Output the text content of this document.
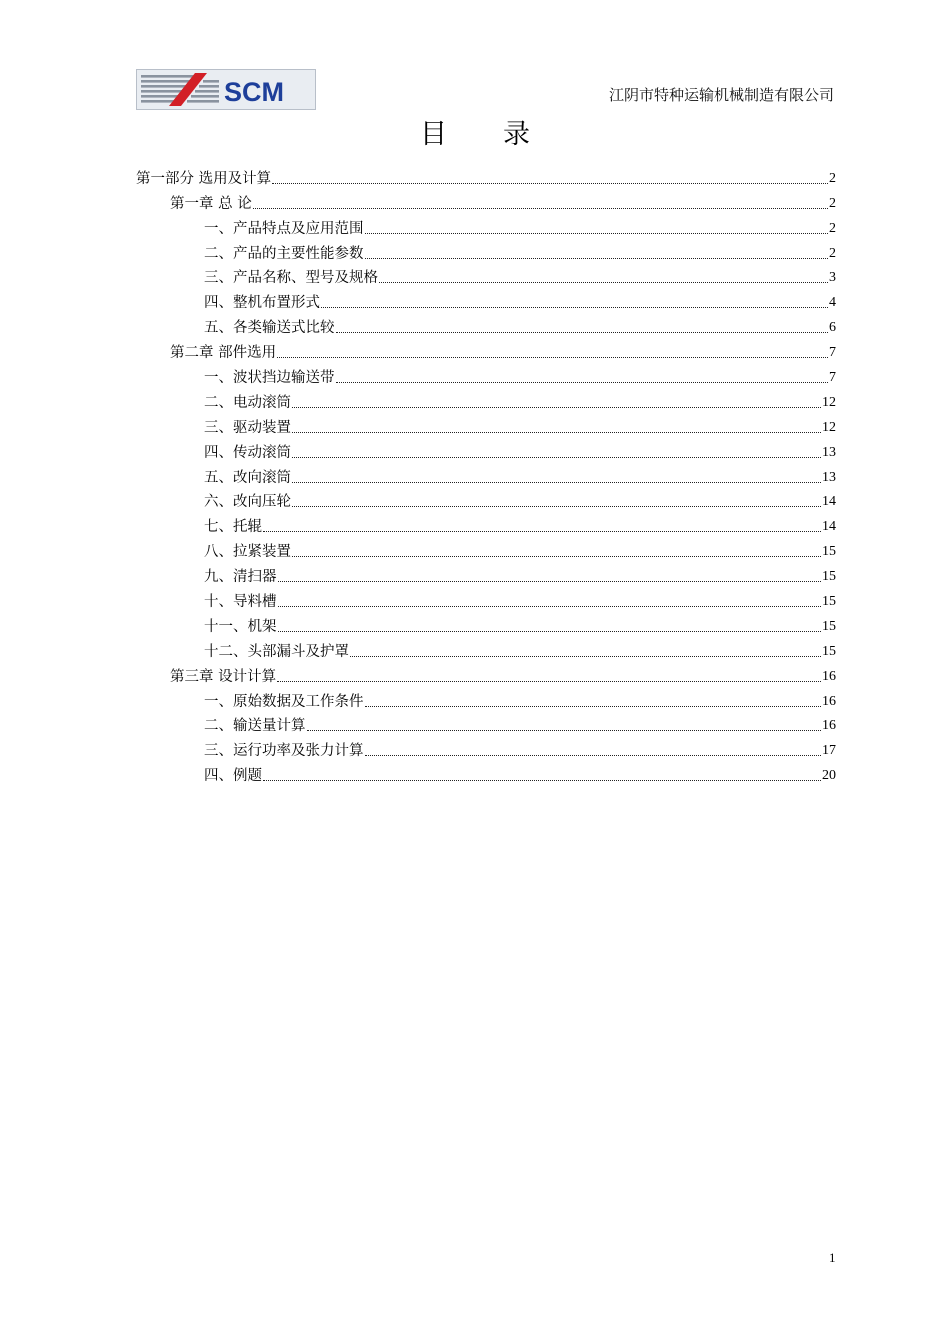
SCM	江阴市特种运输机械制造有限公司
目 录
第一部分 选用及计算	2
第一章 总 论	2
一、产品特点及应用范围	2
二、产品的主要性能参数	2
三、产品名称、型号及规格	3
四、整机布置形式	4
五、各类输送式比较	6
第二章 部件选用	7
一、波状挡边输送带	7
二、电动滚筒	12
三、驱动装置	12
四、传动滚筒	13
五、改向滚筒	13
六、改向压轮	14
七、托辊	14
八、拉紧装置	15
九、清扫器	15
十、导料槽	15
十一、机架	15
十二、头部漏斗及护罩	15
第三章 设计计算	16
一、原始数据及工作条件	16
二、输送量计算	16
三、运行功率及张力计算	17
四、例题	20
1
